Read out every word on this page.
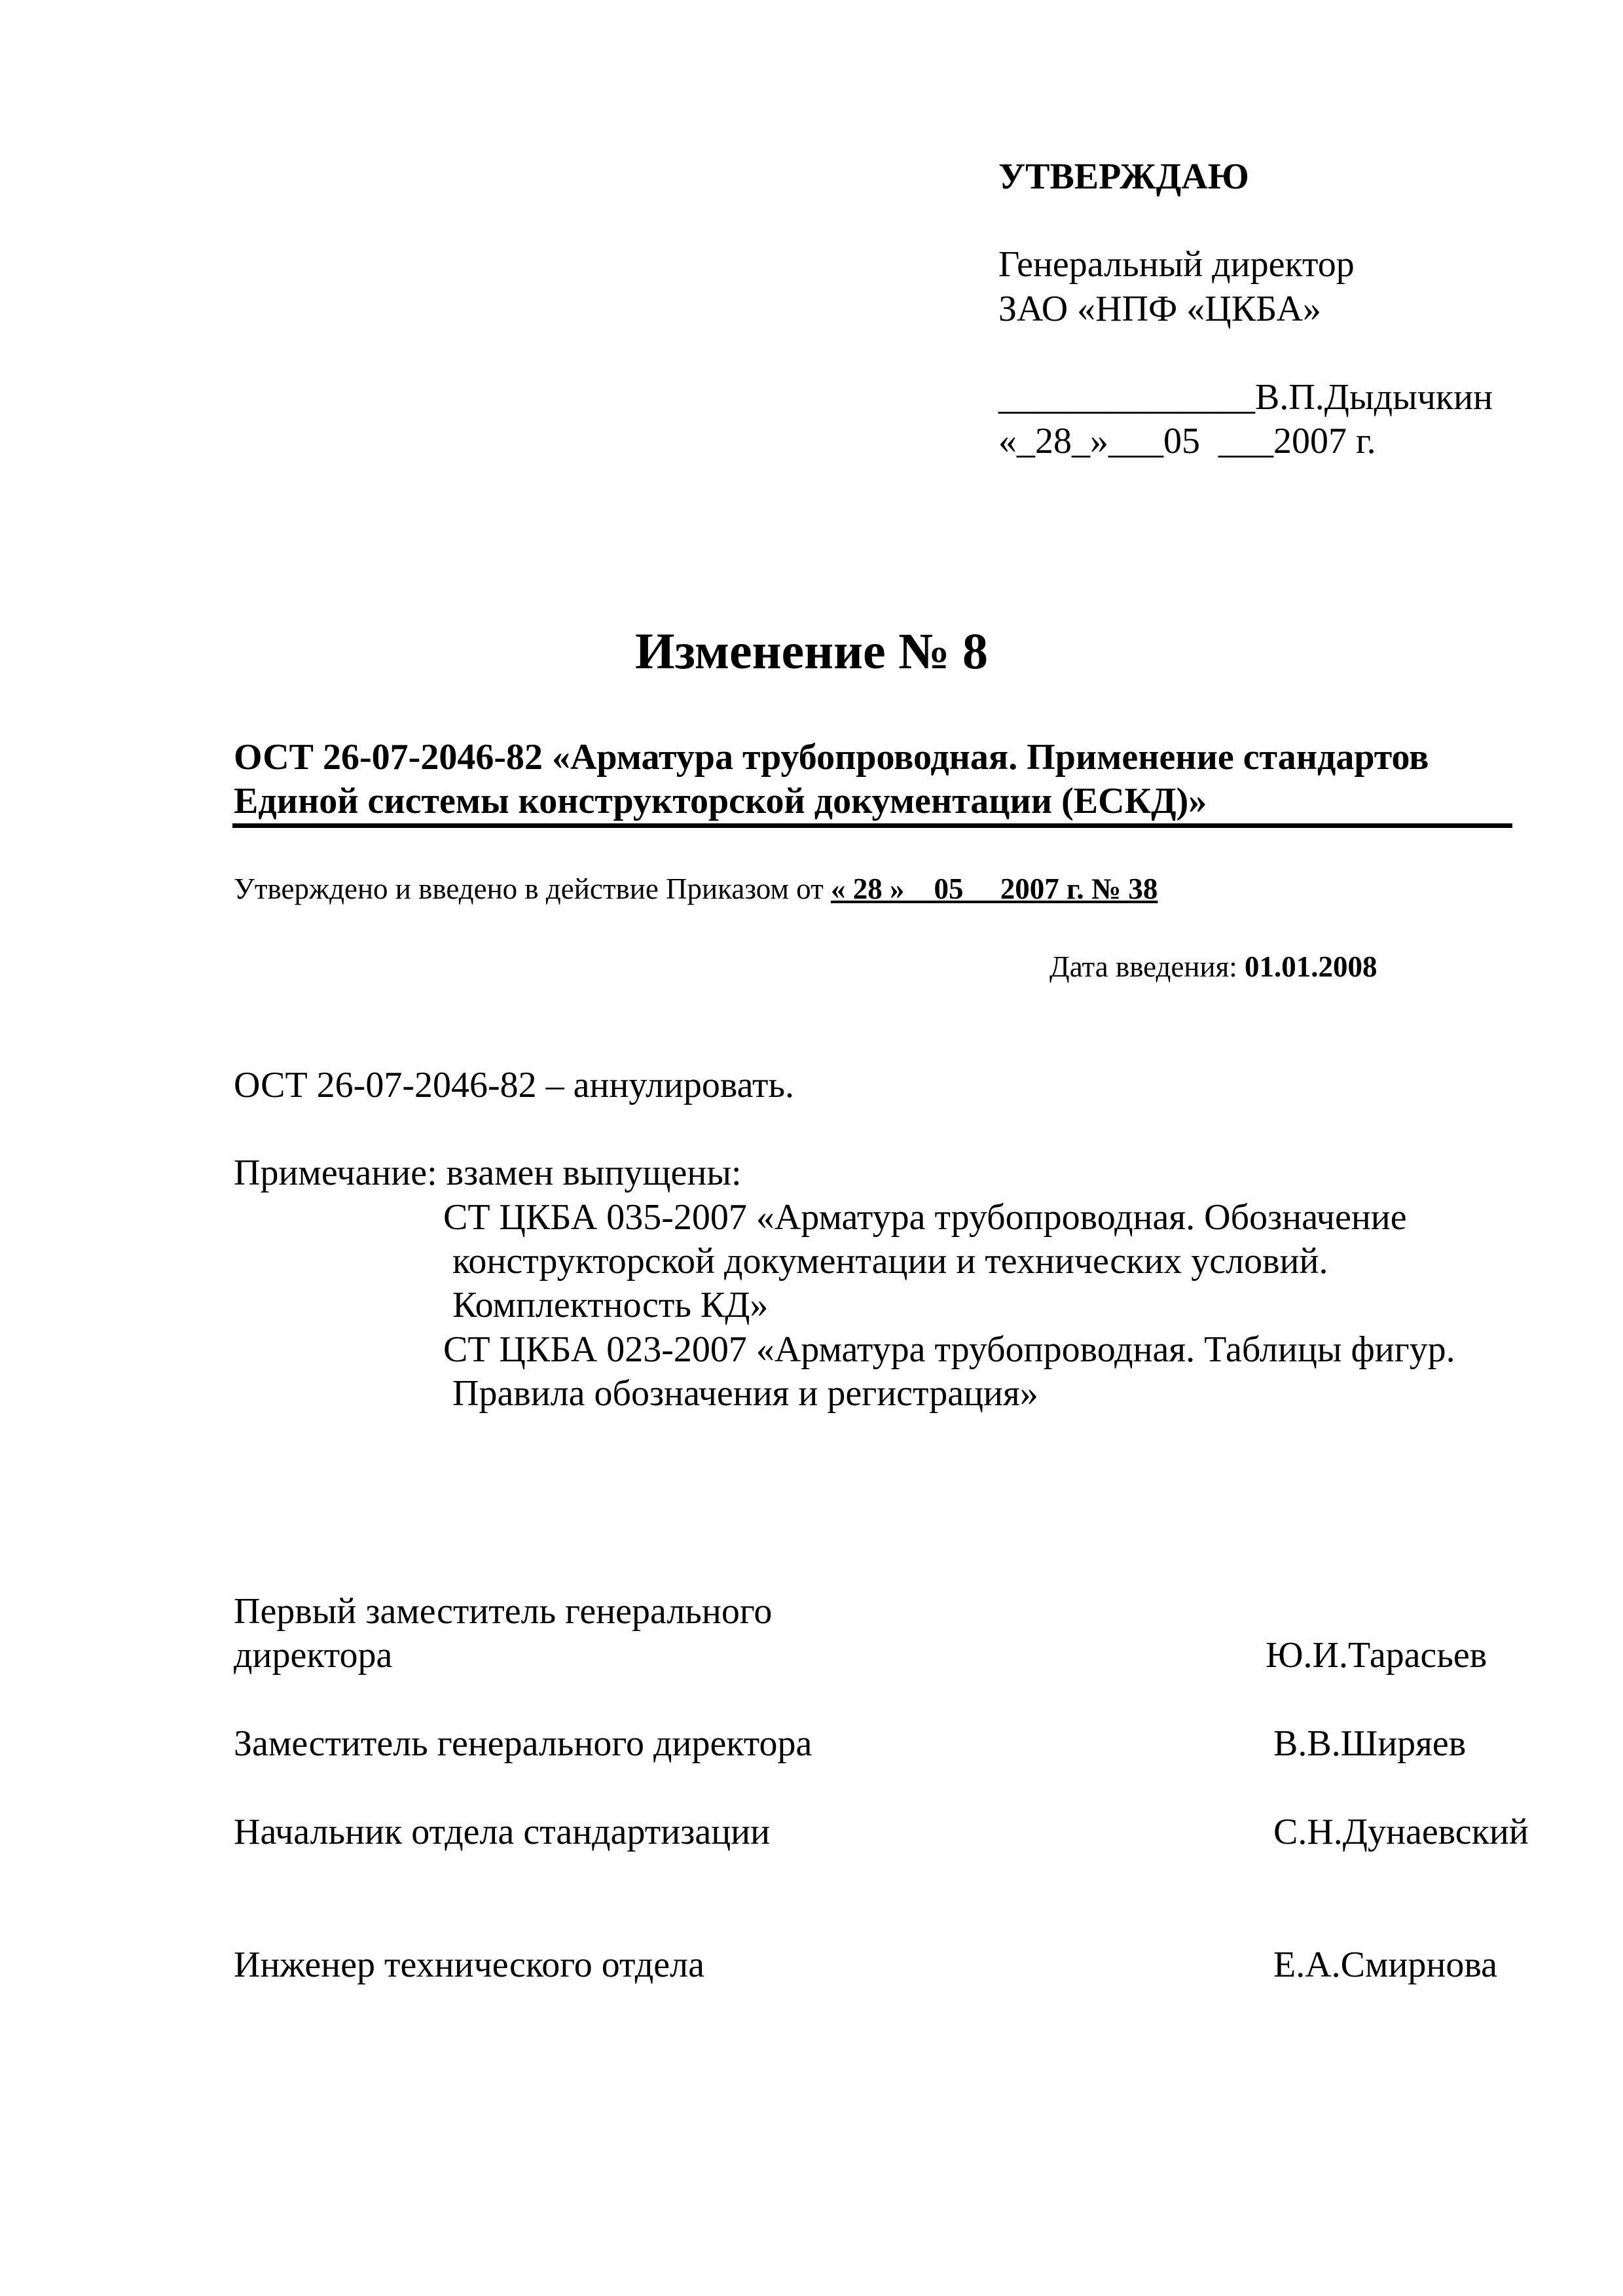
УТВЕРЖДАЮ
Генеральный директор
ЗАО «НПФ «ЦКБА»
______________В.П.Дыдычкин
«_28_»___05  ___2007 г.
Изменение № 8
ОСТ 26-07-2046-82 «Арматура трубопроводная. Применение стандартов
Единой системы конструкторской документации (ЕСКД)»
Утверждено и введено в действие Приказом от « 28 »    05     2007 г. № 38
Дата введения: 01.01.2008
ОСТ 26-07-2046-82 – аннулировать.
Примечание: взамен выпущены:
СТ ЦКБА 035-2007 «Арматура трубопроводная. Обозначение
конструкторской документации и технических условий.
Комплектность КД»
СТ ЦКБА 023-2007 «Арматура трубопроводная. Таблицы фигур.
Правила обозначения и регистрация»
Первый заместитель генерального
директора	Ю.И.Тарасьев
Заместитель генерального директора	В.В.Ширяев
Начальник отдела стандартизации	С.Н.Дунаевский
Инженер технического отдела	Е.А.Смирнова
